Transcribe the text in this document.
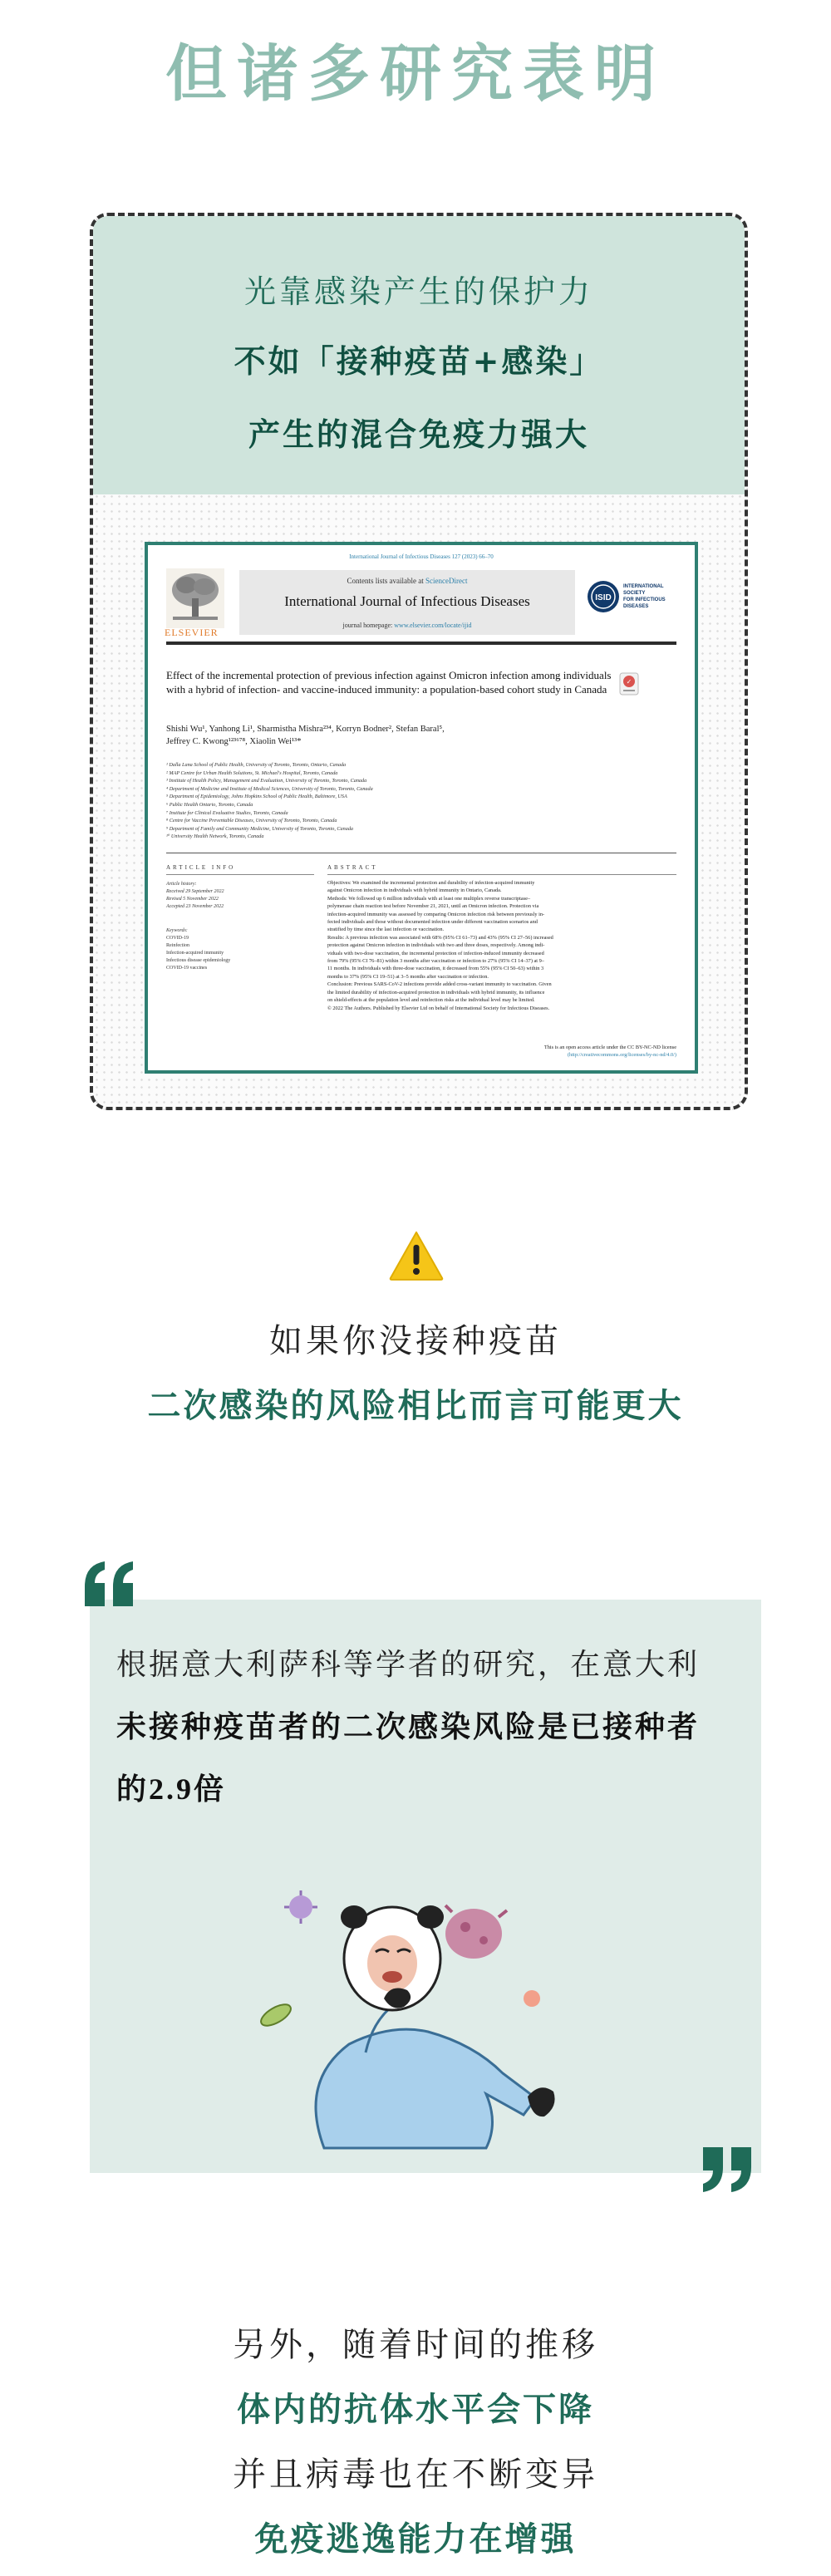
但诸多研究表明
光靠感染产生的保护力
不如「接种疫苗+感染」
产生的混合免疫力强大
International Journal of Infectious Diseases 127 (2023) 66–70
ELSEVIER
Contents lists available at ScienceDirect
International Journal of Infectious Diseases
journal homepage: www.elsevier.com/locate/ijid
ISID
INTERNATIONAL
SOCIETY
FOR INFECTIOUS
DISEASES
Effect of the incremental protection of previous infection against Omicron infection among individuals with a hybrid of infection- and vaccine-induced immunity: a population-based cohort study in Canada
✓
Shishi Wu¹, Yanhong Li¹, Sharmistha Mishra²³⁴, Korryn Bodner², Stefan Baral⁵,
Jeffrey C. Kwong¹²³⁶⁷⁸, Xiaolin Wei¹³*
¹ Dalla Lana School of Public Health, University of Toronto, Toronto, Ontario, Canada
² MAP Centre for Urban Health Solutions, St. Michael's Hospital, Toronto, Canada
³ Institute of Health Policy, Management and Evaluation, University of Toronto, Toronto, Canada
⁴ Department of Medicine and Institute of Medical Sciences, University of Toronto, Toronto, Canada
⁵ Department of Epidemiology, Johns Hopkins School of Public Health, Baltimore, USA
⁶ Public Health Ontario, Toronto, Canada
⁷ Institute for Clinical Evaluative Studies, Toronto, Canada
⁸ Centre for Vaccine Preventable Diseases, University of Toronto, Toronto, Canada
⁹ Department of Family and Community Medicine, University of Toronto, Toronto, Canada
¹⁰ University Health Network, Toronto, Canada
ARTICLE INFO	ABSTRACT
Article history:
Received 29 September 2022
Revised 5 November 2022
Accepted 23 November 2022
Keywords:
COVID-19
Reinfection
Infection-acquired immunity
Infectious disease epidemiology
COVID-19 vaccines
Objectives: We examined the incremental protection and durability of infection-acquired immunity
against Omicron infection in individuals with hybrid immunity in Ontario, Canada.
Methods: We followed up 6 million individuals with at least one multiplex reverse transcriptase–
polymerase chain reaction test before November 21, 2021, until an Omicron infection. Protection via
infection-acquired immunity was assessed by comparing Omicron infection risk between previously in-
fected individuals and those without documented infection under different vaccination scenarios and
stratified by time since the last infection or vaccination.
Results: A previous infection was associated with 68% (95% CI 61–73) and 43% (95% CI 27–56) increased
protection against Omicron infection in individuals with two and three doses, respectively. Among indi-
viduals with two-dose vaccination, the incremental protection of infection-induced immunity decreased
from 79% (95% CI 76–81) within 3 months after vaccination or infection to 27% (95% CI 14–37) at 9–
11 months. In individuals with three-dose vaccination, it decreased from 55% (95% CI 50–63) within 3
months to 37% (95% CI 19–51) at 3–5 months after vaccination or infection.
Conclusion: Previous SARS-CoV-2 infections provide added cross-variant immunity to vaccination. Given
the limited durability of infection-acquired protection in individuals with hybrid immunity, its influence
on shield-effects at the population level and reinfection risks at the individual level may be limited.
© 2022 The Authors. Published by Elsevier Ltd on behalf of International Society for Infectious Diseases.
This is an open access article under the CC BY-NC-ND license
(http://creativecommons.org/licenses/by-nc-nd/4.0/)
如果你没接种疫苗
二次感染的风险相比而言可能更大
根据意大利萨科等学者的研究，在意大利
未接种疫苗者的二次感染风险是已接种者
的2.9倍
另外，随着时间的推移
体内的抗体水平会下降
并且病毒也在不断变异
免疫逃逸能力在增强
